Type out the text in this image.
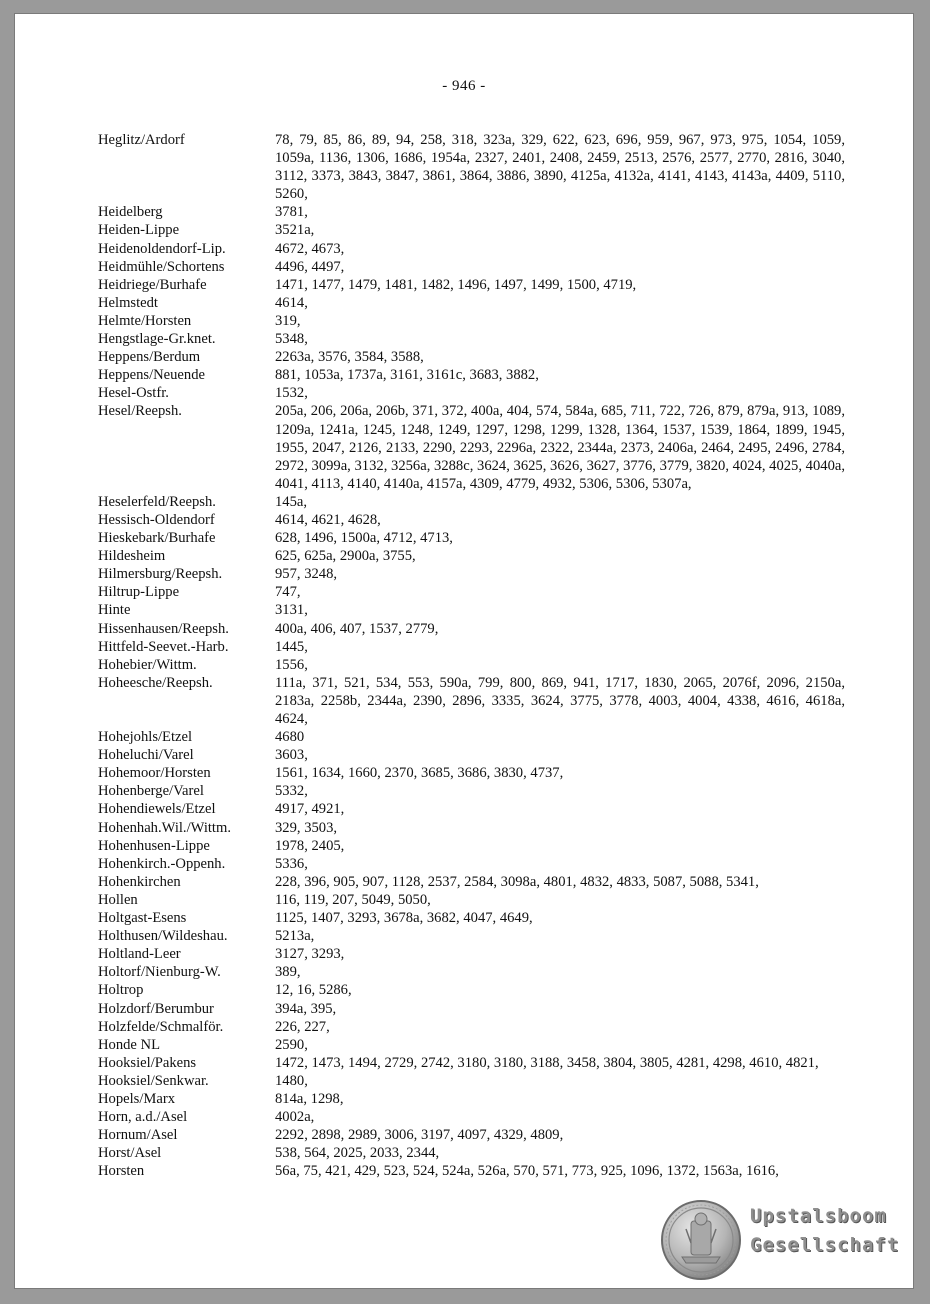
- 946 -
Heglitz/Ardorf	78, 79, 85, 86, 89, 94, 258, 318, 323a, 329, 622, 623, 696, 959, 967, 973, 975, 1054, 1059, 1059a, 1136, 1306, 1686, 1954a, 2327, 2401, 2408, 2459, 2513, 2576, 2577, 2770, 2816, 3040, 3112, 3373, 3843, 3847, 3861, 3864, 3886, 3890, 4125a, 4132a, 4141, 4143, 4143a, 4409, 5110, 5260,
Heidelberg	3781,
Heiden-Lippe	3521a,
Heidenoldendorf-Lip.	4672, 4673,
Heidmühle/Schortens	4496, 4497,
Heidriege/Burhafe	1471, 1477, 1479, 1481, 1482, 1496, 1497, 1499, 1500, 4719,
Helmstedt	4614,
Helmte/Horsten	319,
Hengstlage-Gr.knet.	5348,
Heppens/Berdum	2263a, 3576, 3584, 3588,
Heppens/Neuende	881, 1053a, 1737a, 3161, 3161c, 3683, 3882,
Hesel-Ostfr.	1532,
Hesel/Reepsh.	205a, 206, 206a, 206b, 371, 372, 400a, 404, 574, 584a, 685, 711, 722, 726, 879, 879a, 913, 1089, 1209a, 1241a, 1245, 1248, 1249, 1297, 1298, 1299, 1328, 1364, 1537, 1539, 1864, 1899, 1945, 1955, 2047, 2126, 2133, 2290, 2293, 2296a, 2322, 2344a, 2373, 2406a, 2464, 2495, 2496, 2784, 2972, 3099a, 3132, 3256a, 3288c, 3624, 3625, 3626, 3627, 3776, 3779, 3820, 4024, 4025, 4040a, 4041, 4113, 4140, 4140a, 4157a, 4309, 4779, 4932, 5306, 5306, 5307a,
Heselerfeld/Reepsh.	145a,
Hessisch-Oldendorf	4614, 4621, 4628,
Hieskebark/Burhafe	628, 1496, 1500a, 4712, 4713,
Hildesheim	625, 625a, 2900a, 3755,
Hilmersburg/Reepsh.	957, 3248,
Hiltrup-Lippe	747,
Hinte	3131,
Hissenhausen/Reepsh.	400a, 406, 407, 1537, 2779,
Hittfeld-Seevet.-Harb.	1445,
Hohebier/Wittm.	1556,
Hoheesche/Reepsh.	111a, 371, 521, 534, 553, 590a, 799, 800, 869, 941, 1717, 1830, 2065, 2076f, 2096, 2150a, 2183a, 2258b, 2344a, 2390, 2896, 3335, 3624, 3775, 3778, 4003, 4004, 4338, 4616, 4618a, 4624,
Hohejohls/Etzel	4680
Hoheluchi/Varel	3603,
Hohemoor/Horsten	1561, 1634, 1660, 2370, 3685, 3686, 3830, 4737,
Hohenberge/Varel	5332,
Hohendiewels/Etzel	4917, 4921,
Hohenhah.Wil./Wittm.	329, 3503,
Hohenhusen-Lippe	1978, 2405,
Hohenkirch.-Oppenh.	5336,
Hohenkirchen	228, 396, 905, 907, 1128, 2537, 2584, 3098a, 4801, 4832, 4833, 5087, 5088, 5341,
Hollen	116, 119, 207, 5049, 5050,
Holtgast-Esens	1125, 1407, 3293, 3678a, 3682, 4047, 4649,
Holthusen/Wildeshau.	5213a,
Holtland-Leer	3127, 3293,
Holtorf/Nienburg-W.	389,
Holtrop	12, 16, 5286,
Holzdorf/Berumbur	394a, 395,
Holzfelde/Schmalför.	226, 227,
Honde NL	2590,
Hooksiel/Pakens	1472, 1473, 1494, 2729, 2742, 3180, 3180, 3188, 3458, 3804, 3805, 4281, 4298, 4610, 4821,
Hooksiel/Senkwar.	1480,
Hopels/Marx	814a, 1298,
Horn, a.d./Asel	4002a,
Hornum/Asel	2292, 2898, 2989, 3006, 3197, 4097, 4329, 4809,
Horst/Asel	538, 564, 2025, 2033, 2344,
Horsten	56a, 75, 421, 429, 523, 524, 524a, 526a, 570, 571, 773, 925, 1096, 1372, 1563a, 1616,
Upstalsboom
Gesellschaft
